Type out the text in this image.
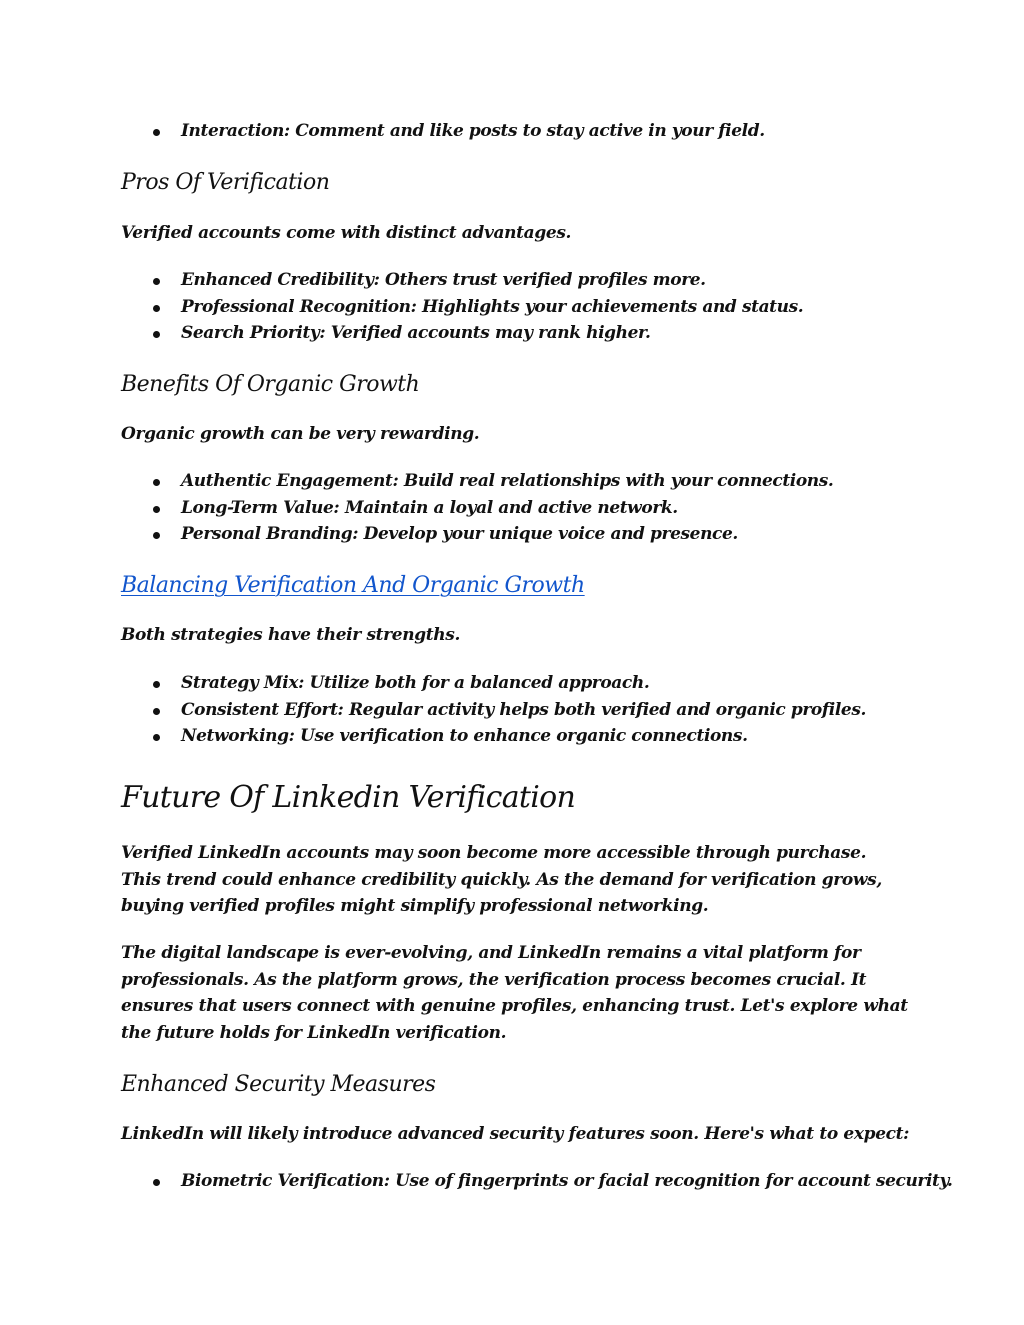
Interaction: Comment and like posts to stay active in your field.
Pros Of Verification

Verified accounts come with distinct advantages.

Enhanced Credibility: Others trust verified profiles more.
Professional Recognition: Highlights your achievements and status.
Search Priority: Verified accounts may rank higher.
Benefits Of Organic Growth

Organic growth can be very rewarding.

Authentic Engagement: Build real relationships with your connections.
Long-Term Value: Maintain a loyal and active network.
Personal Branding: Develop your unique voice and presence.
Balancing Verification And Organic Growth

Both strategies have their strengths.

Strategy Mix: Utilize both for a balanced approach.
Consistent Effort: Regular activity helps both verified and organic profiles.
Networking: Use verification to enhance organic connections.
Future Of Linkedin Verification

Verified LinkedIn accounts may soon become more accessible through purchase. This trend could enhance credibility quickly. As the demand for verification grows, buying verified profiles might simplify professional networking.

The digital landscape is ever-evolving, and LinkedIn remains a vital platform for professionals. As the platform grows, the verification process becomes crucial. It ensures that users connect with genuine profiles, enhancing trust. Let's explore what the future holds for LinkedIn verification.

Enhanced Security Measures

LinkedIn will likely introduce advanced security features soon. Here's what to expect:

Biometric Verification: Use of fingerprints or facial recognition for account security.
